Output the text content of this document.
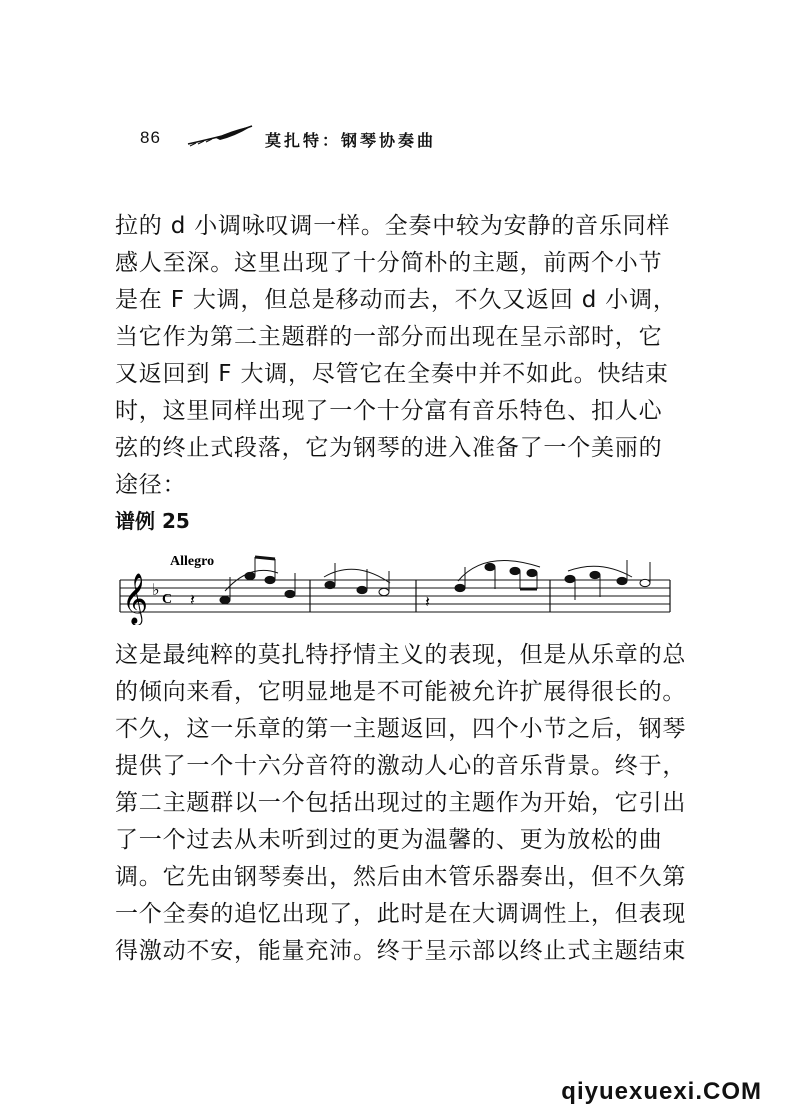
86	莫扎特：钢琴协奏曲
拉的 d 小调咏叹调一样。全奏中较为安静的音乐同样
感人至深。这里出现了十分简朴的主题，前两个小节
是在 F 大调，但总是移动而去，不久又返回 d 小调，
当它作为第二主题群的一部分而出现在呈示部时，它
又返回到 F 大调，尽管它在全奏中并不如此。快结束
时，这里同样出现了一个十分富有音乐特色、扣人心
弦的终止式段落，它为钢琴的进入准备了一个美丽的
途径：
谱例 25
Allegro
𝄞 ♭
C 𝄽	𝄽
这是最纯粹的莫扎特抒情主义的表现，但是从乐章的总
的倾向来看，它明显地是不可能被允许扩展得很长的。
不久，这一乐章的第一主题返回，四个小节之后，钢琴
提供了一个十六分音符的激动人心的音乐背景。终于，
第二主题群以一个包括出现过的主题作为开始，它引出
了一个过去从未听到过的更为温馨的、更为放松的曲
调。它先由钢琴奏出，然后由木管乐器奏出，但不久第
一个全奏的追忆出现了，此时是在大调调性上，但表现
得激动不安，能量充沛。终于呈示部以终止式主题结束
qiyuexuexi.COM
